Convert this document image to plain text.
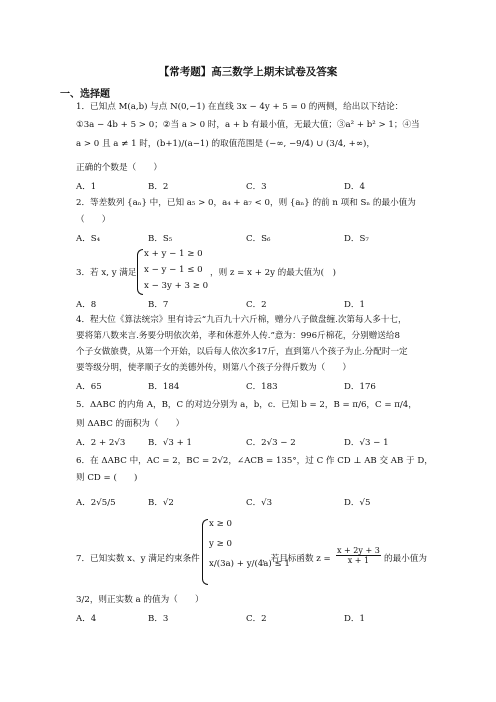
【常考题】高三数学上期末试卷及答案
一、选择题
1．已知点 M(a,b) 与点 N(0,−1) 在直线 3x − 4y + 5 = 0 的两侧，给出以下结论：
①3a − 4b + 5 > 0；②当 a > 0 时，a + b 有最小值，无最大值；③a² + b² > 1；④当
a > 0 且 a ≠ 1 时，(b+1)/(a−1) 的取值范围是 (−∞, −9/4) ∪ (3/4, +∞)，
正确的个数是（　　）
A．1	B．2	C．3	D．4
2．等差数列 {aₙ} 中，已知 a₅ > 0，a₄ + a₇ < 0，则 {aₙ} 的前 n 项和 Sₙ 的最小值为
（　　）
A．S₄	B．S₅	C．S₆	D．S₇
3．若 x, y 满足
x + y − 1 ≥ 0
x − y − 1 ≤ 0
x − 3y + 3 ≥ 0
，则 z = x + 2y 的最大值为(　)
A．8	B．7	C．2	D．1
4．程大位《算法统宗》里有诗云“九百九十六斤棉，赠分八子做盘缠.次第每人多十七，
要将第八数来言.务要分明依次弟，孝和休惹外人传.”意为：996斤棉花，分别赠送给8
个子女做旅费，从第一个开始，以后每人依次多17斤，直到第八个孩子为止.分配时一定
要等级分明，使孝顺子女的美德外传，则第八个孩子分得斤数为（　　）
A．65	B．184	C．183	D．176
5．ΔABC 的内角 A，B，C 的对边分别为 a，b，c．已知 b = 2，B = π/6，C = π/4，
则 ΔABC 的面积为（　　）
A．2 + 2√3	B．√3 + 1	C．2√3 − 2	D．√3 − 1
6．在 ΔABC 中，AC = 2，BC = 2√2，∠ACB = 135°，过 C 作 CD ⊥ AB 交 AB 于 D，
则 CD = (　　)
A．2√5/5	B．√2	C．√3	D．√5
7．已知实数 x、y 满足约束条件
x ≥ 0
y ≥ 0
x/(3a) + y/(4a) ≤ 1
，若目标函数 $z = \frac{x + 2y + 3}{x + 1}$ 的最小值为
3/2，则正实数 a 的值为（　　）
A．4	B．3	C．2	D．1
